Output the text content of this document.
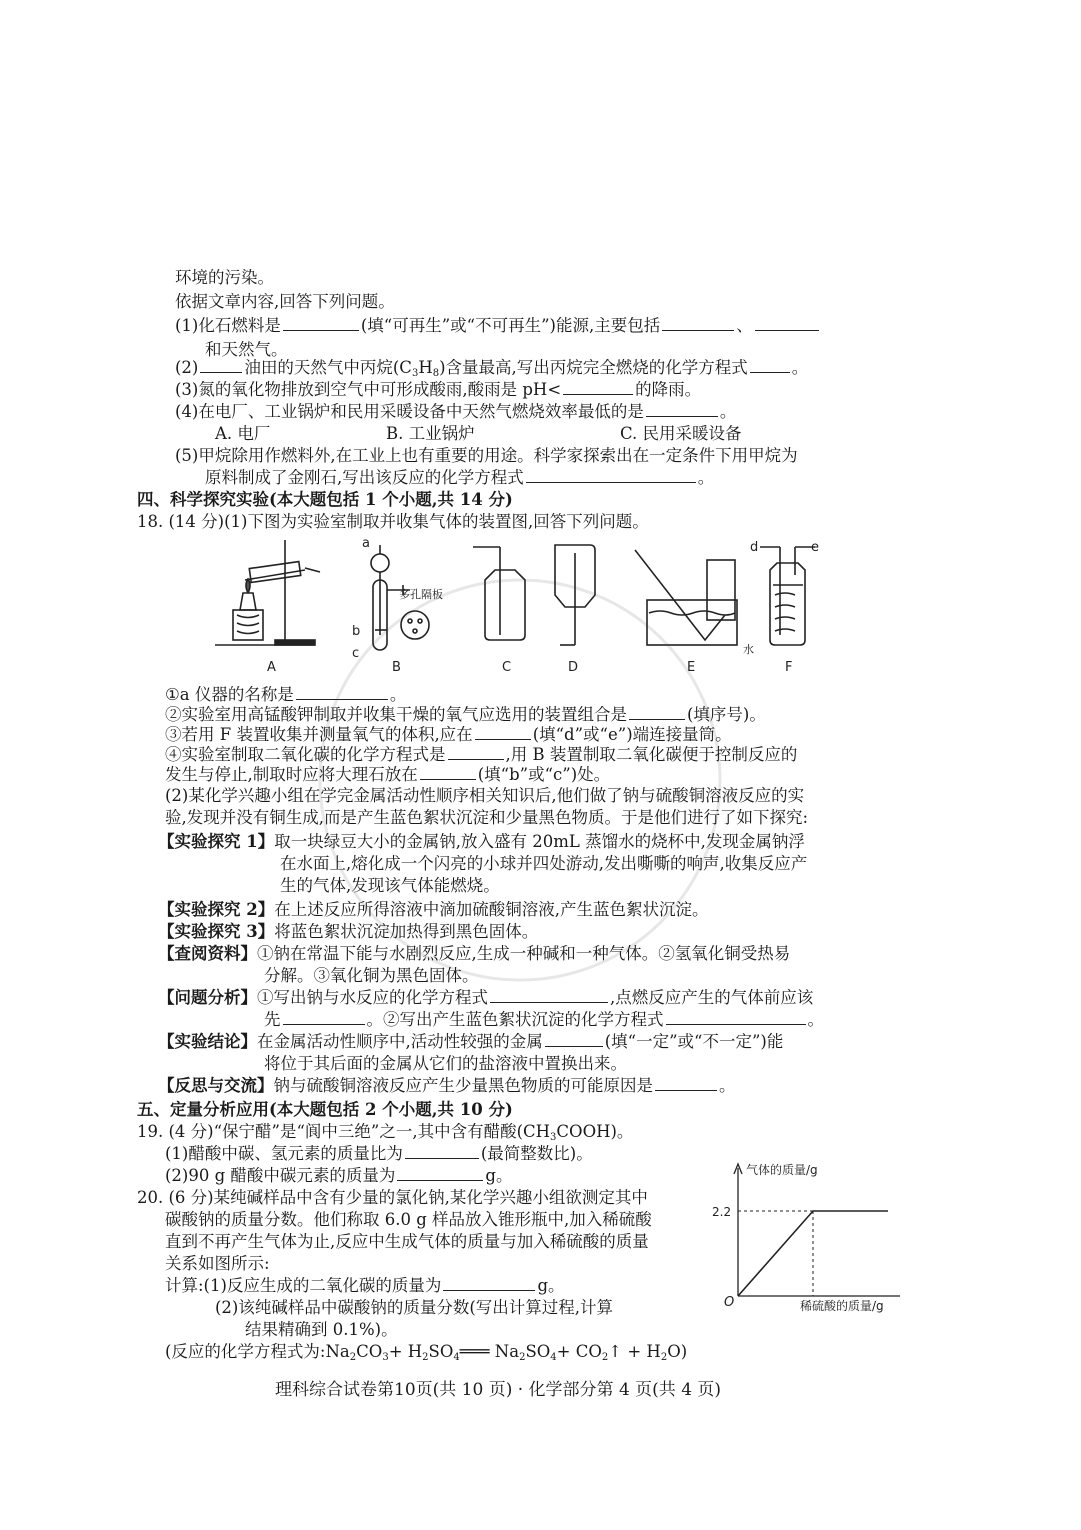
环境的污染。
依据文章内容,回答下列问题。
(1)化石燃料是	(填“可再生”或“不可再生”)能源,主要包括	、
和天然气。
(2)	油田的天然气中丙烷$(C_3H_8)$含量最高,写出丙烷完全燃烧的化学方程式	。
(3)氮的氧化物排放到空气中可形成酸雨,酸雨是 pH<	的降雨。
(4)在电厂、工业锅炉和民用采暖设备中天然气燃烧效率最低的是	。
A. 电厂	B. 工业锅炉	C. 民用采暖设备
(5)甲烷除用作燃料外,在工业上也有重要的用途。科学家探索出在一定条件下用甲烷为
原料制成了金刚石,写出该反应的化学方程式	。
四、科学探究实验(本大题包括 1 个小题,共 14 分)
18. (14 分)(1)下图为实验室制取并收集气体的装置图,回答下列问题。
A	B	C	D	E	F
a
b
c
d	e
多孔隔板
水
①a 仪器的名称是	。
②实验室用高锰酸钾制取并收集干燥的氧气应选用的装置组合是	(填序号)。
③若用 F 装置收集并测量氧气的体积,应在	(填“d”或“e”)端连接量筒。
④实验室制取二氧化碳的化学方程式是	,用 B 装置制取二氧化碳便于控制反应的
发生与停止,制取时应将大理石放在	(填“b”或“c”)处。
(2)某化学兴趣小组在学完金属活动性顺序相关知识后,他们做了钠与硫酸铜溶液反应的实
验,发现并没有铜生成,而是产生蓝色絮状沉淀和少量黑色物质。于是他们进行了如下探究:
【实验探究 1】取一块绿豆大小的金属钠,放入盛有 20mL 蒸馏水的烧杯中,发现金属钠浮
在水面上,熔化成一个闪亮的小球并四处游动,发出嘶嘶的响声,收集反应产
生的气体,发现该气体能燃烧。
【实验探究 2】在上述反应所得溶液中滴加硫酸铜溶液,产生蓝色絮状沉淀。
【实验探究 3】将蓝色絮状沉淀加热得到黑色固体。
【查阅资料】①钠在常温下能与水剧烈反应,生成一种碱和一种气体。②氢氧化铜受热易
分解。③氧化铜为黑色固体。
【问题分析】①写出钠与水反应的化学方程式	,点燃反应产生的气体前应该
先	。②写出产生蓝色絮状沉淀的化学方程式	。
【实验结论】在金属活动性顺序中,活动性较强的金属	(填“一定”或“不一定”)能
将位于其后面的金属从它们的盐溶液中置换出来。
【反思与交流】钠与硫酸铜溶液反应产生少量黑色物质的可能原因是	。
五、定量分析应用(本大题包括 2 个小题,共 10 分)
19. (4 分)“保宁醋”是“阆中三绝”之一,其中含有醋酸$(CH_3COOH)$。
(1)醋酸中碳、氢元素的质量比为	(最简整数比)。
(2)90 g 醋酸中碳元素的质量为	g。
20. (6 分)某纯碱样品中含有少量的氯化钠,某化学兴趣小组欲测定其中
碳酸钠的质量分数。他们称取 6.0 g 样品放入锥形瓶中,加入稀硫酸
直到不再产生气体为止,反应中生成气体的质量与加入稀硫酸的质量
关系如图所示:
计算:(1)反应生成的二氧化碳的质量为	g。
(2)该纯碱样品中碳酸钠的质量分数(写出计算过程,计算
结果精确到 0.1%)。
(反应的化学方程式为$:Na_2CO_3+$ $H_2SO_4═══$ $Na_2SO_4+$ $CO_2↑ + H_2O$)
气体的质量/g
稀硫酸的质量/g
O
2.2
理科综合试卷第10页(共 10 页) · 化学部分第 4 页(共 4 页)
